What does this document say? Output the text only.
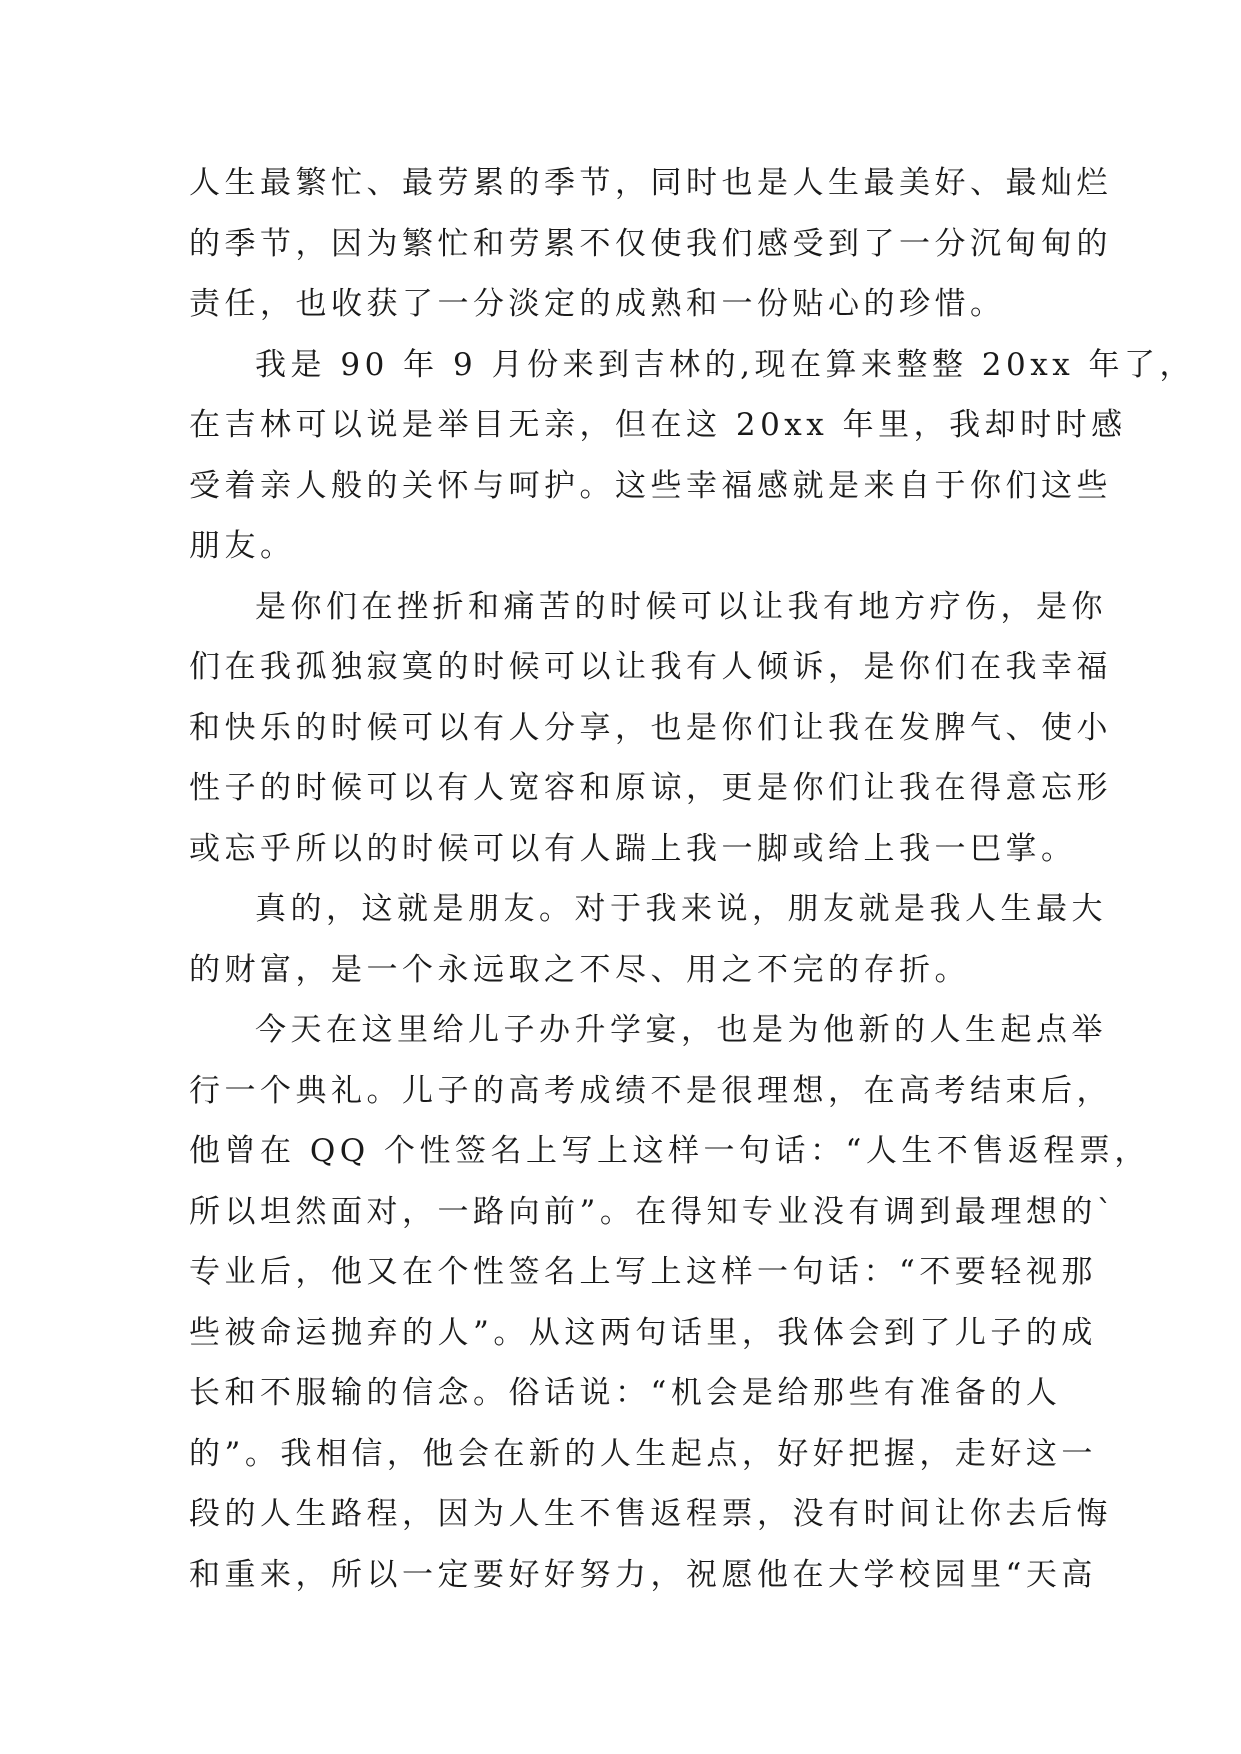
人生最繁忙、最劳累的季节，同时也是人生最美好、最灿烂
的季节，因为繁忙和劳累不仅使我们感受到了一分沉甸甸的
责任，也收获了一分淡定的成熟和一份贴心的珍惜。
我是 90 年 9 月份来到吉林的,现在算来整整 20xx 年了，
在吉林可以说是举目无亲，但在这 20xx 年里，我却时时感
受着亲人般的关怀与呵护。这些幸福感就是来自于你们这些
朋友。
是你们在挫折和痛苦的时候可以让我有地方疗伤，是你
们在我孤独寂寞的时候可以让我有人倾诉，是你们在我幸福
和快乐的时候可以有人分享，也是你们让我在发脾气、使小
性子的时候可以有人宽容和原谅，更是你们让我在得意忘形
或忘乎所以的时候可以有人踹上我一脚或给上我一巴掌。
真的，这就是朋友。对于我来说，朋友就是我人生最大
的财富，是一个永远取之不尽、用之不完的存折。
今天在这里给儿子办升学宴，也是为他新的人生起点举
行一个典礼。儿子的高考成绩不是很理想，在高考结束后，
他曾在 QQ 个性签名上写上这样一句话：“人生不售返程票，
所以坦然面对，一路向前”。在得知专业没有调到最理想的`
专业后，他又在个性签名上写上这样一句话：“不要轻视那
些被命运抛弃的人”。从这两句话里，我体会到了儿子的成
长和不服输的信念。俗话说：“机会是给那些有准备的人
的”。我相信，他会在新的人生起点，好好把握，走好这一
段的人生路程，因为人生不售返程票，没有时间让你去后悔
和重来，所以一定要好好努力，祝愿他在大学校园里“天高
